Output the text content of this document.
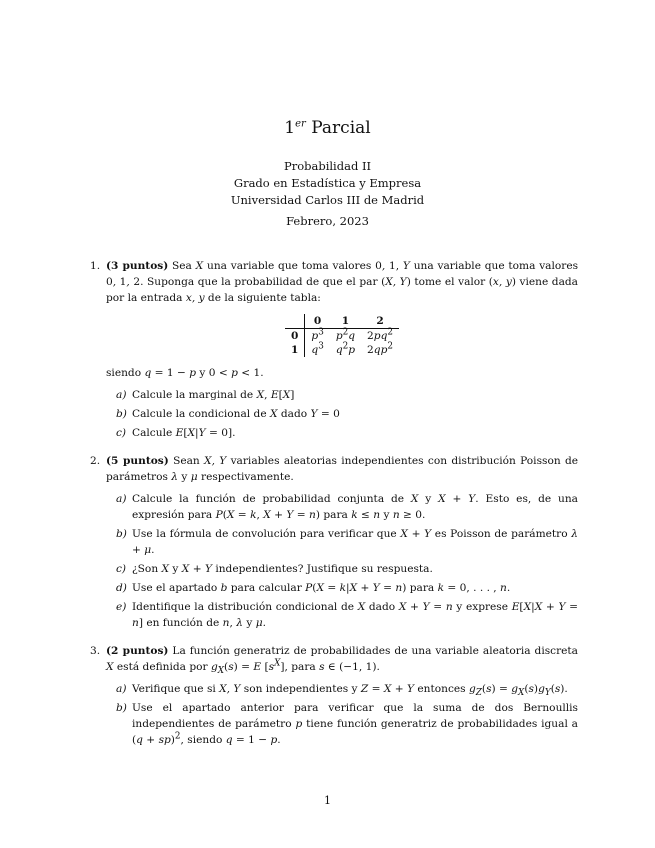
1er Parcial
Probabilidad II
Grado en Estadística y Empresa
Universidad Carlos III de Madrid
Febrero, 2023
1. (3 puntos) Sea X una variable que toma valores 0, 1, Y una variable que toma valores 0, 1, 2. Suponga que la probabilidad de que el par (X, Y) tome el valor (x, y) viene dada por la entrada x, y de la siguiente tabla:

	0	1	2
0	$p^3$	$p^2q$	$2pq^2$
1	$q^3$	$q^2p$	$2qp^2$

siendo q = 1 − p y 0 < p < 1.

a) Calcule la marginal de X, E[X]
b) Calcule la condicional de X dado Y = 0
c) Calcule E[X|Y = 0].
2. (5 puntos) Sean X, Y variables aleatorias independientes con distribución Poisson de parámetros λ y μ respectivamente.

a) Calcule la función de probabilidad conjunta de X y X + Y. Esto es, de una expresión para P(X = k, X + Y = n) para k ≤ n y n ≥ 0.
b) Use la fórmula de convolución para verificar que X + Y es Poisson de parámetro λ + μ.
c) ¿Son X y X + Y independientes? Justifique su respuesta.
d) Use el apartado b para calcular P(X = k|X + Y = n) para k = 0, . . . , n.
e) Identifique la distribución condicional de X dado X + Y = n y exprese E[X|X + Y = n] en función de n, λ y μ.
3. (2 puntos) La función generatriz de probabilidades de una variable aleatoria discreta X está definida por $g_X(s) = E$ $[s^X]$, para s ∈ (−1, 1).

a) Verifique que si X, Y son independientes y Z = X + Y entonces $g_Z(s) = g_X(s)g_Y(s)$.
b) Use el apartado anterior para verificar que la suma de dos Bernoullis independientes de parámetro p tiene función generatriz de probabilidades igual a (q + sp)$^2$, siendo q = 1 − p.
1
